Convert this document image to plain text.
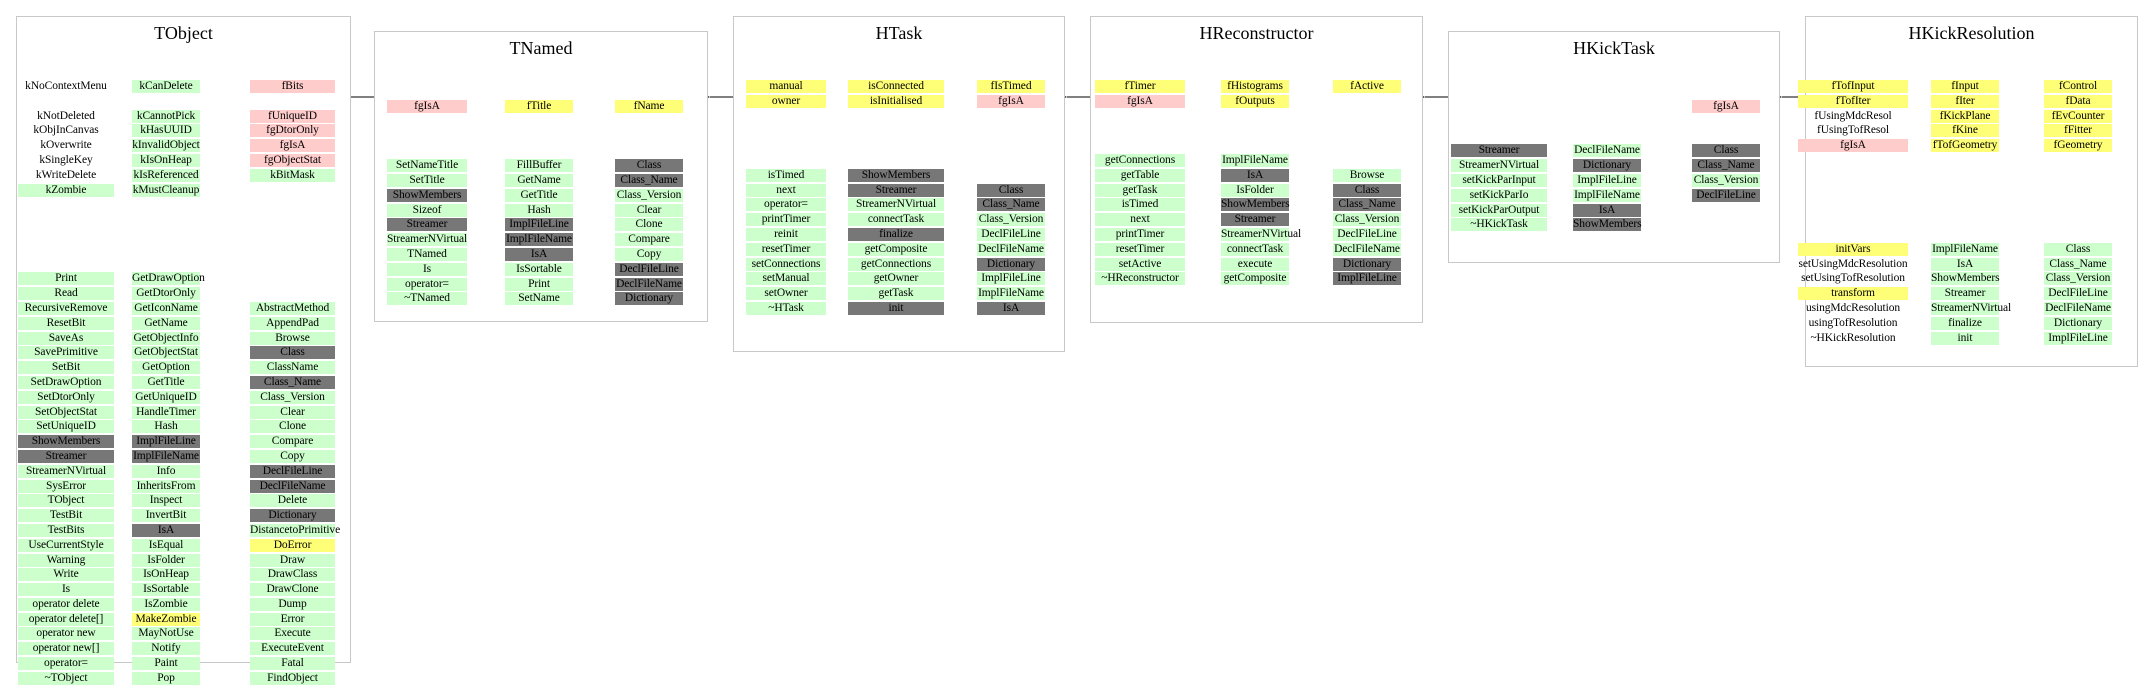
TObject
kNoContextMenu
kNotDeleted
kObjInCanvas
kOverwrite
kSingleKey
kWriteDelete
kZombie
Print
Read
RecursiveRemove
ResetBit
SaveAs
SavePrimitive
SetBit
SetDrawOption
SetDtorOnly
SetObjectStat
SetUniqueID
ShowMembers
Streamer
StreamerNVirtual
SysError
TObject
TestBit
TestBits
UseCurrentStyle
Warning
Write
Is
operator delete
operator delete[]
operator new
operator new[]
operator=
~TObject
kCanDelete
kCannotPick
kHasUUID
kInvalidObject
kIsOnHeap
kIsReferenced
kMustCleanup
GetDrawOption
GetDtorOnly
GetIconName
GetName
GetObjectInfo
GetObjectStat
GetOption
GetTitle
GetUniqueID
HandleTimer
Hash
ImplFileLine
ImplFileName
Info
InheritsFrom
Inspect
InvertBit
IsA
IsEqual
IsFolder
IsOnHeap
IsSortable
IsZombie
MakeZombie
MayNotUse
Notify
Paint
Pop
fBits
fUniqueID
fgDtorOnly
fgIsA
fgObjectStat
kBitMask
AbstractMethod
AppendPad
Browse
Class
ClassName
Class_Name
Class_Version
Clear
Clone
Compare
Copy
DeclFileLine
DeclFileName
Delete
Dictionary
DistancetoPrimitive
DoError
Draw
DrawClass
DrawClone
Dump
Error
Execute
ExecuteEvent
Fatal
FindObject
TNamed
fgIsA
SetNameTitle
SetTitle
ShowMembers
Sizeof
Streamer
StreamerNVirtual
TNamed
Is
operator=
~TNamed
fTitle
FillBuffer
GetName
GetTitle
Hash
ImplFileLine
ImplFileName
IsA
IsSortable
Print
SetName
fName
Class
Class_Name
Class_Version
Clear
Clone
Compare
Copy
DeclFileLine
DeclFileName
Dictionary
HTask
manual
owner
isTimed
next
operator=
printTimer
reinit
resetTimer
setConnections
setManual
setOwner
~HTask
isConnected
isInitialised
ShowMembers
Streamer
StreamerNVirtual
connectTask
finalize
getComposite
getConnections
getOwner
getTask
init
fIsTimed
fgIsA
Class
Class_Name
Class_Version
DeclFileLine
DeclFileName
Dictionary
ImplFileLine
ImplFileName
IsA
HReconstructor
fTimer
fgIsA
getConnections
getTable
getTask
isTimed
next
printTimer
resetTimer
setActive
~HReconstructor
fHistograms
fOutputs
ImplFileName
IsA
IsFolder
ShowMembers
Streamer
StreamerNVirtual
connectTask
execute
getComposite
fActive
Browse
Class
Class_Name
Class_Version
DeclFileLine
DeclFileName
Dictionary
ImplFileLine
HKickTask
Streamer
StreamerNVirtual
setKickParInput
setKickParIo
setKickParOutput
~HKickTask
DeclFileName
Dictionary
ImplFileLine
ImplFileName
IsA
ShowMembers
fgIsA
Class
Class_Name
Class_Version
DeclFileLine
HKickResolution
fTofInput
fTofIter
fUsingMdcResol
fUsingTofResol
fgIsA
initVars
setUsingMdcResolution
setUsingTofResolution
transform
usingMdcResolution
usingTofResolution
~HKickResolution
fInput
fIter
fKickPlane
fKine
fTofGeometry
ImplFileName
IsA
ShowMembers
Streamer
StreamerNVirtual
finalize
init
fControl
fData
fEvCounter
fFitter
fGeometry
Class
Class_Name
Class_Version
DeclFileLine
DeclFileName
Dictionary
ImplFileLine
